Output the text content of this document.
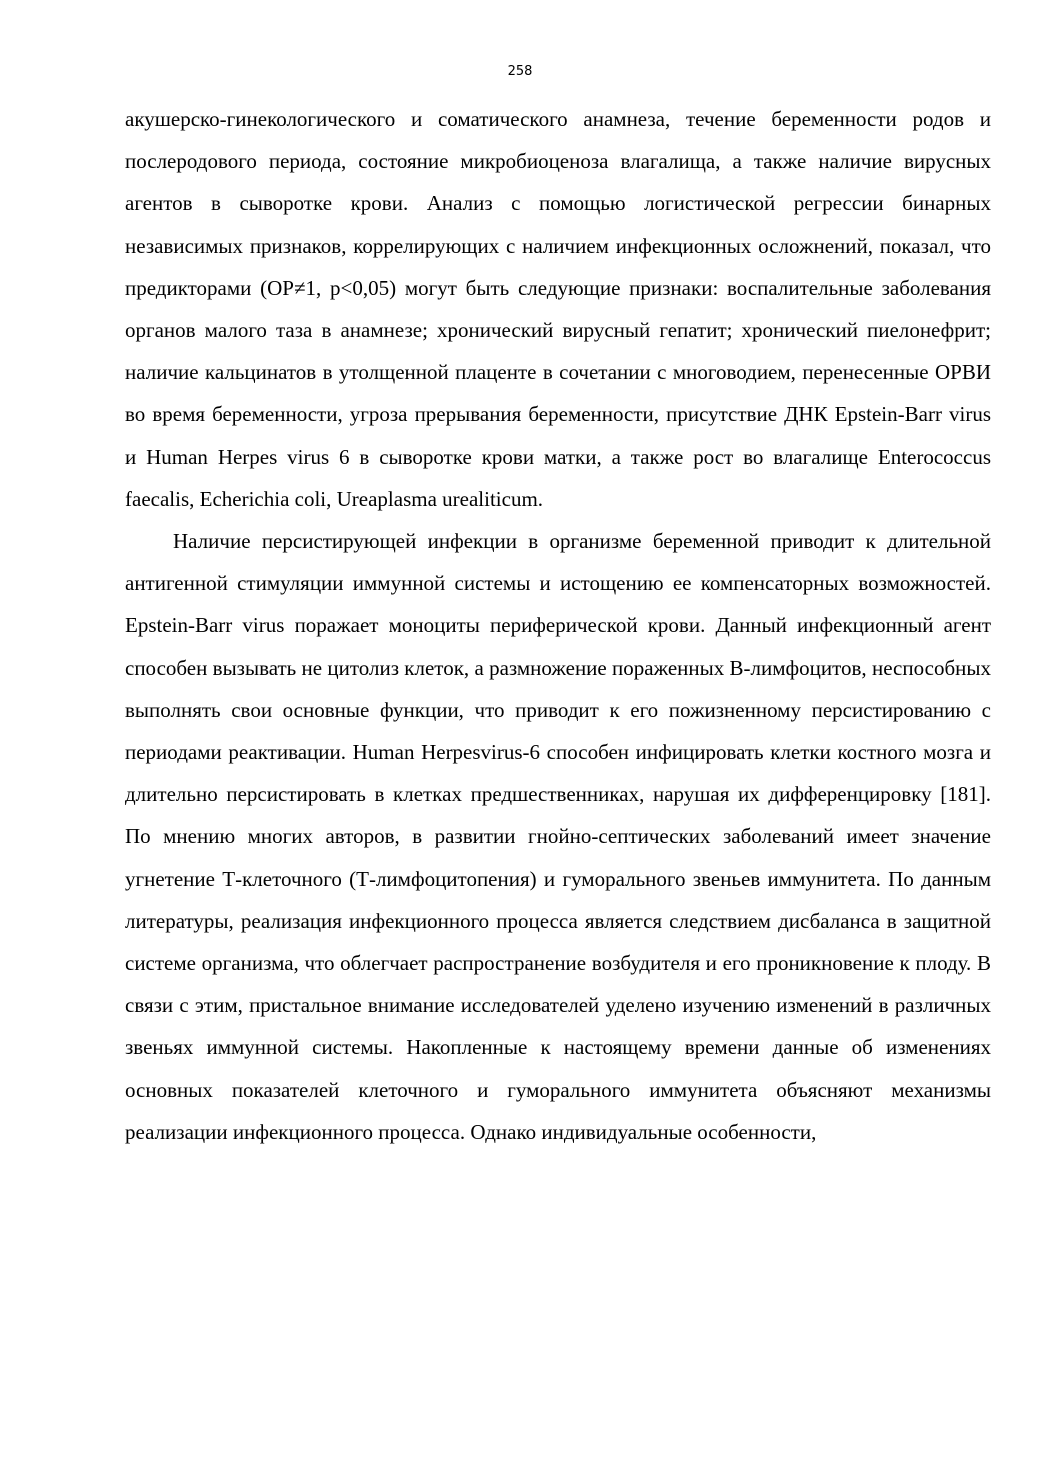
258

акушерско-гинекологического и соматического анамнеза, течение беременности родов и послеродового периода, состояние микробиоценоза влагалища, а также наличие вирусных агентов в сыворотке крови. Анализ с помощью логистической регрессии бинарных независимых признаков, коррелирующих с наличием инфекционных осложнений, показал, что предикторами (ОР≠1, р<0,05) могут быть следующие признаки: воспалительные заболевания органов малого таза в анамнезе; хронический вирусный гепатит; хронический пиелонефрит; наличие кальцинатов в утолщенной плаценте в сочетании с многоводием, перенесенные ОРВИ во время беременности, угроза прерывания беременности, присутствие ДНК Epstein-Barr virus и Human Herpes virus 6 в сыворотке крови матки, а также рост во влагалище Enterococcus faecalis, Echerichia coli, Ureaplasma urealiticum.

Наличие персистирующей инфекции в организме беременной приводит к длительной антигенной стимуляции иммунной системы и истощению ее компенсаторных возможностей. Epstein-Barr virus поражает моноциты периферической крови. Данный инфекционный агент способен вызывать не цитолиз клеток, а размножение пораженных В-лимфоцитов, неспособных выполнять свои основные функции, что приводит к его пожизненному персистированию с периодами реактивации. Human Herpesvirus-6 способен инфицировать клетки костного мозга и длительно персистировать в клетках предшественниках, нарушая их дифференцировку [181]. По мнению многих авторов, в развитии гнойно-септических заболеваний имеет значение угнетение Т-клеточного (Т-лимфоцитопения) и гуморального звеньев иммунитета. По данным литературы, реализация инфекционного процесса является следствием дисбаланса в защитной системе организма, что облегчает распространение возбудителя и его проникновение к плоду. В связи с этим, пристальное внимание исследователей уделено изучению изменений в различных звеньях иммунной системы. Накопленные к настоящему времени данные об изменениях основных показателей клеточного и гуморального иммунитета объясняют механизмы реализации инфекционного процесса. Однако индивидуальные особенности,
